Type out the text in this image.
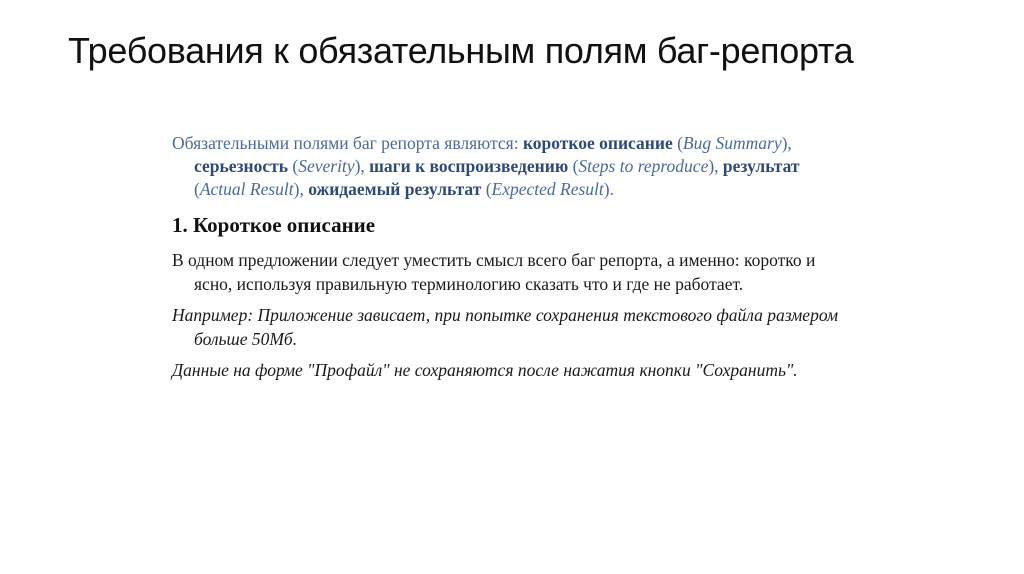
Требования к обязательным полям баг-репорта

Обязательными полями баг репорта являются: короткое описание (Bug Summary), серьезность (Severity), шаги к воспроизведению (Steps to reproduce), результат (Actual Result), ожидаемый результат (Expected Result).

1. Короткое описание

В одном предложении следует уместить смысл всего баг репорта, а именно: коротко и ясно, используя правильную терминологию сказать что и где не работает.

Например: Приложение зависает, при попытке сохранения текстового файла размером больше 50Мб.

Данные на форме "Профайл" не сохраняются после нажатия кнопки "Сохранить".
